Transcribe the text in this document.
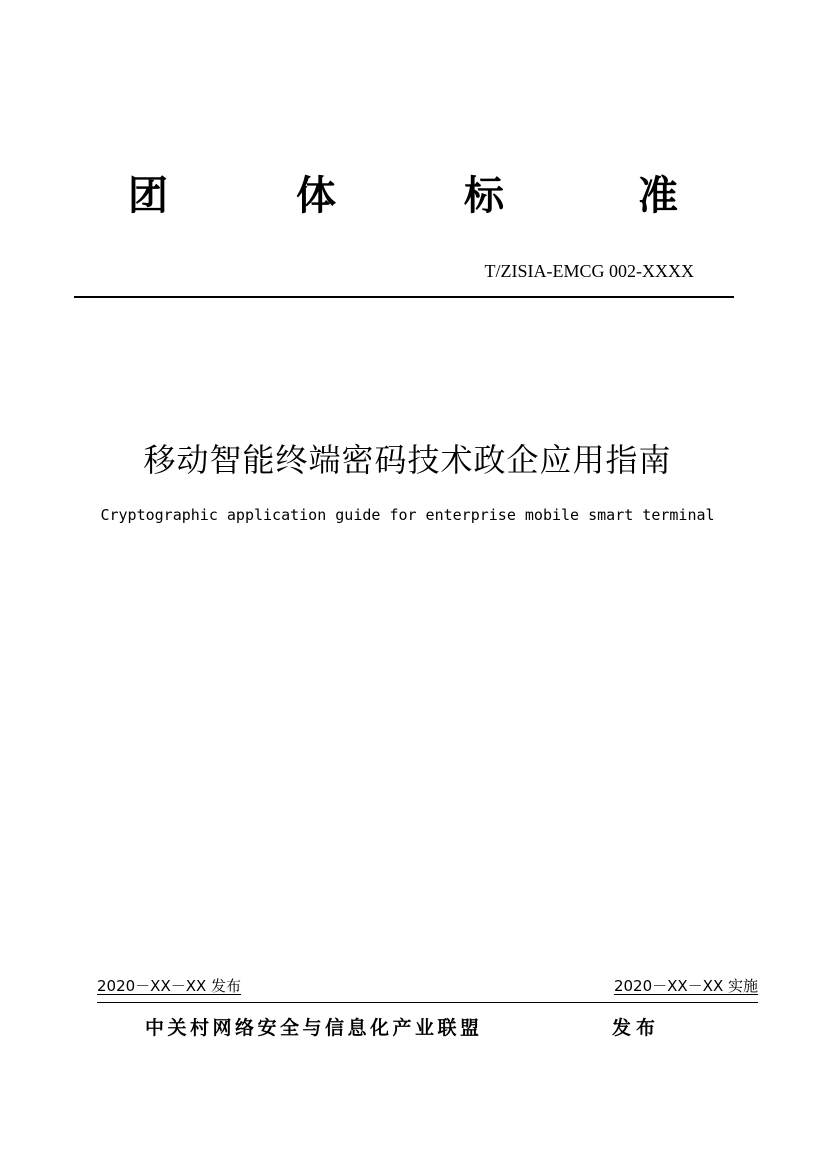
团	体	标	准
T/ZISIA-EMCG 002-XXXX
移动智能终端密码技术政企应用指南
Cryptographic application guide for enterprise mobile smart terminal
2020－XX－XX 发布	2020－XX－XX 实施
中关村网络安全与信息化产业联盟	发布
